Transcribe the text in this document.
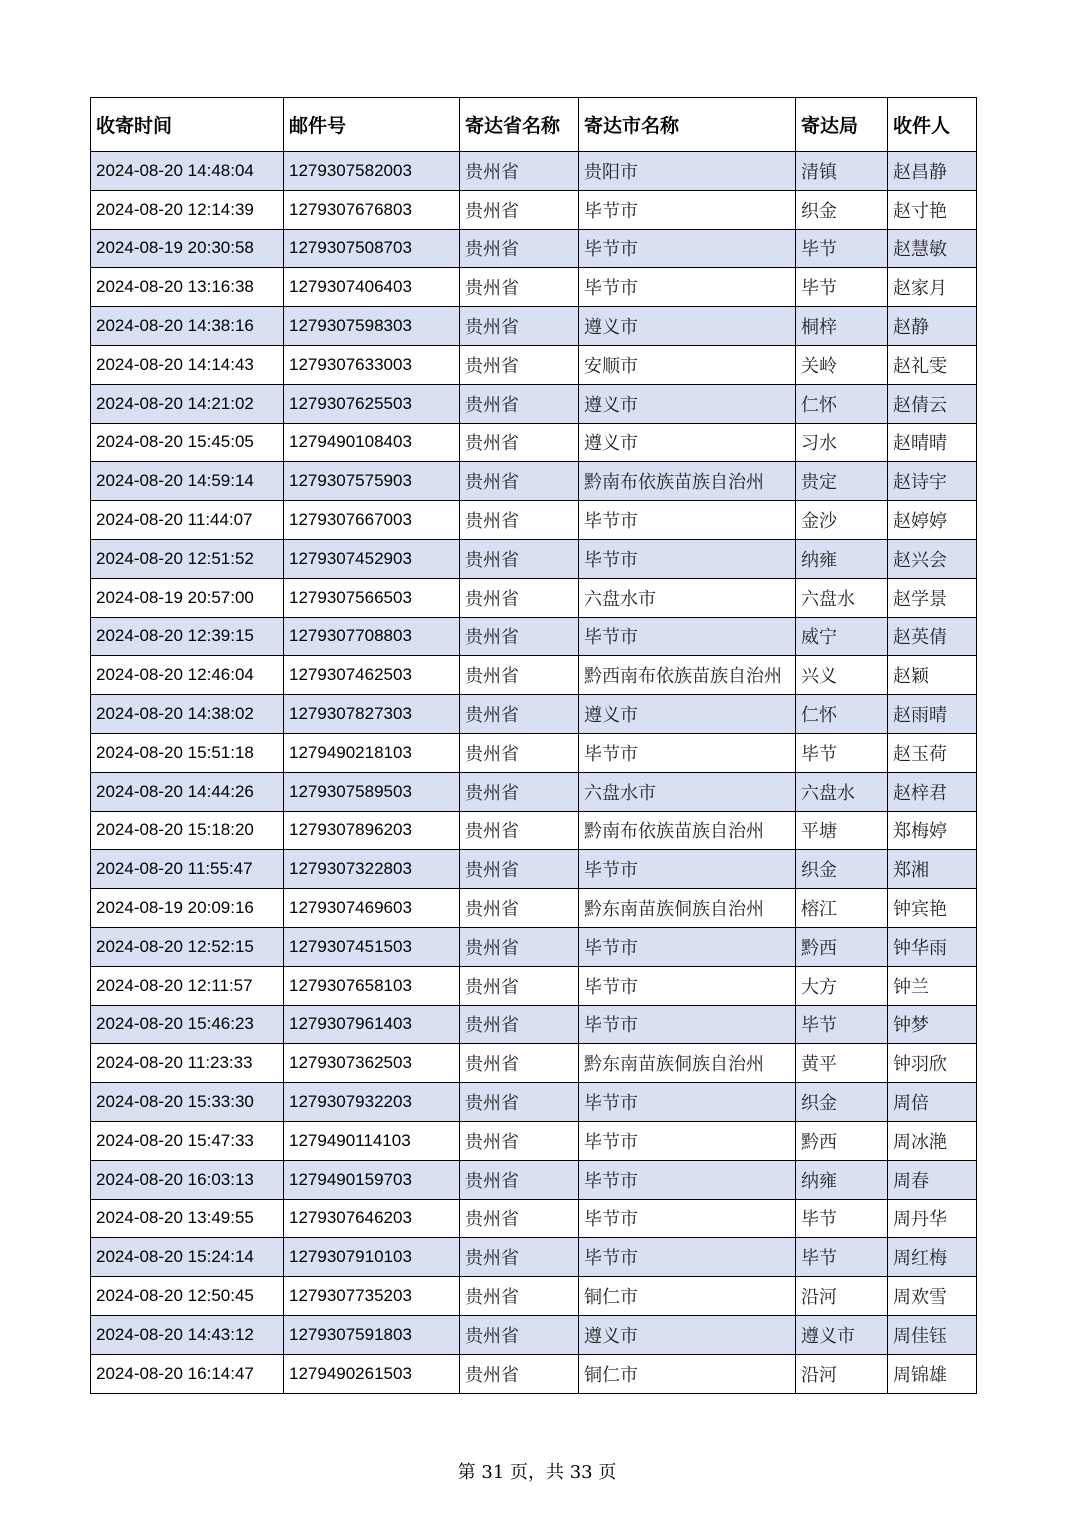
收寄时间	邮件号	寄达省名称	寄达市名称	寄达局	收件人
2024-08-20 14:48:04	1279307582003	贵州省	贵阳市	清镇	赵昌静
2024-08-20 12:14:39	1279307676803	贵州省	毕节市	织金	赵寸艳
2024-08-19 20:30:58	1279307508703	贵州省	毕节市	毕节	赵慧敏
2024-08-20 13:16:38	1279307406403	贵州省	毕节市	毕节	赵家月
2024-08-20 14:38:16	1279307598303	贵州省	遵义市	桐梓	赵静
2024-08-20 14:14:43	1279307633003	贵州省	安顺市	关岭	赵礼雯
2024-08-20 14:21:02	1279307625503	贵州省	遵义市	仁怀	赵倩云
2024-08-20 15:45:05	1279490108403	贵州省	遵义市	习水	赵晴晴
2024-08-20 14:59:14	1279307575903	贵州省	黔南布依族苗族自治州	贵定	赵诗宇
2024-08-20 11:44:07	1279307667003	贵州省	毕节市	金沙	赵婷婷
2024-08-20 12:51:52	1279307452903	贵州省	毕节市	纳雍	赵兴会
2024-08-19 20:57:00	1279307566503	贵州省	六盘水市	六盘水	赵学景
2024-08-20 12:39:15	1279307708803	贵州省	毕节市	威宁	赵英倩
2024-08-20 12:46:04	1279307462503	贵州省	黔西南布依族苗族自治州	兴义	赵颖
2024-08-20 14:38:02	1279307827303	贵州省	遵义市	仁怀	赵雨晴
2024-08-20 15:51:18	1279490218103	贵州省	毕节市	毕节	赵玉荷
2024-08-20 14:44:26	1279307589503	贵州省	六盘水市	六盘水	赵梓君
2024-08-20 15:18:20	1279307896203	贵州省	黔南布依族苗族自治州	平塘	郑梅婷
2024-08-20 11:55:47	1279307322803	贵州省	毕节市	织金	郑湘
2024-08-19 20:09:16	1279307469603	贵州省	黔东南苗族侗族自治州	榕江	钟宾艳
2024-08-20 12:52:15	1279307451503	贵州省	毕节市	黔西	钟华雨
2024-08-20 12:11:57	1279307658103	贵州省	毕节市	大方	钟兰
2024-08-20 15:46:23	1279307961403	贵州省	毕节市	毕节	钟梦
2024-08-20 11:23:33	1279307362503	贵州省	黔东南苗族侗族自治州	黄平	钟羽欣
2024-08-20 15:33:30	1279307932203	贵州省	毕节市	织金	周倍
2024-08-20 15:47:33	1279490114103	贵州省	毕节市	黔西	周冰滟
2024-08-20 16:03:13	1279490159703	贵州省	毕节市	纳雍	周春
2024-08-20 13:49:55	1279307646203	贵州省	毕节市	毕节	周丹华
2024-08-20 15:24:14	1279307910103	贵州省	毕节市	毕节	周红梅
2024-08-20 12:50:45	1279307735203	贵州省	铜仁市	沿河	周欢雪
2024-08-20 14:43:12	1279307591803	贵州省	遵义市	遵义市	周佳钰
2024-08-20 16:14:47	1279490261503	贵州省	铜仁市	沿河	周锦雄
第 31 页，共 33 页
